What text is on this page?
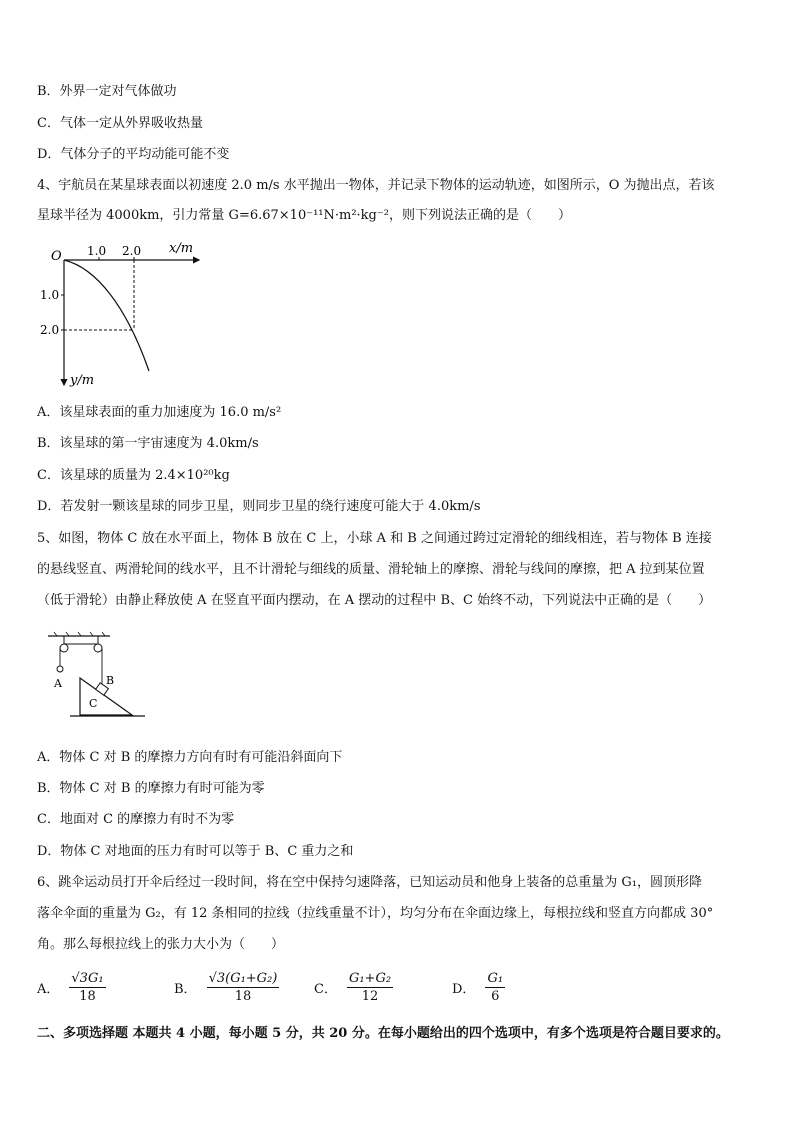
B．外界一定对气体做功
C．气体一定从外界吸收热量
D．气体分子的平均动能可能不变
4、宇航员在某星球表面以初速度 2.0 m/s 水平抛出一物体，并记录下物体的运动轨迹，如图所示，O 为抛出点，若该
星球半径为 4000km，引力常量 G=6.67×10⁻¹¹N·m²·kg⁻²，则下列说法正确的是（　　）
O 1.0 2.0 x/m
1.0
2.0
y/m
A．该星球表面的重力加速度为 16.0 m/s²
B．该星球的第一宇宙速度为 4.0km/s
C．该星球的质量为 2.4×10²⁰kg
D．若发射一颗该星球的同步卫星，则同步卫星的绕行速度可能大于 4.0km/s
5、如图，物体 C 放在水平面上，物体 B 放在 C 上，小球 A 和 B 之间通过跨过定滑轮的细线相连，若与物体 B 连接
的悬线竖直、两滑轮间的线水平，且不计滑轮与细线的质量、滑轮轴上的摩擦、滑轮与线间的摩擦，把 A 拉到某位置
（低于滑轮）由静止释放使 A 在竖直平面内摆动，在 A 摆动的过程中 B、C 始终不动，下列说法中正确的是（　　）
A	B
C
A．物体 C 对 B 的摩擦力方向有时有可能沿斜面向下
B．物体 C 对 B 的摩擦力有时可能为零
C．地面对 C 的摩擦力有时不为零
D．物体 C 对地面的压力有时可以等于 B、C 重力之和
6、跳伞运动员打开伞后经过一段时间，将在空中保持匀速降落，已知运动员和他身上装备的总重量为 G₁，圆顶形降
落伞伞面的重量为 G₂，有 12 条相同的拉线（拉线重量不计），均匀分布在伞面边缘上，每根拉线和竖直方向都成 30°
角。那么每根拉线上的张力大小为（　　）
A． $\frac{\text{√3G₁}}{18}$	B． $\frac{\text{√3(G₁+G₂)}}{18}$	C． $\frac{\text{G₁+G₂}}{12}$	D． $\frac{\text{G₁}}{6}$
二、多项选择题 本题共 4 小题，每小题 5 分，共 20 分。在每小题给出的四个选项中，有多个选项是符合题目要求的。
